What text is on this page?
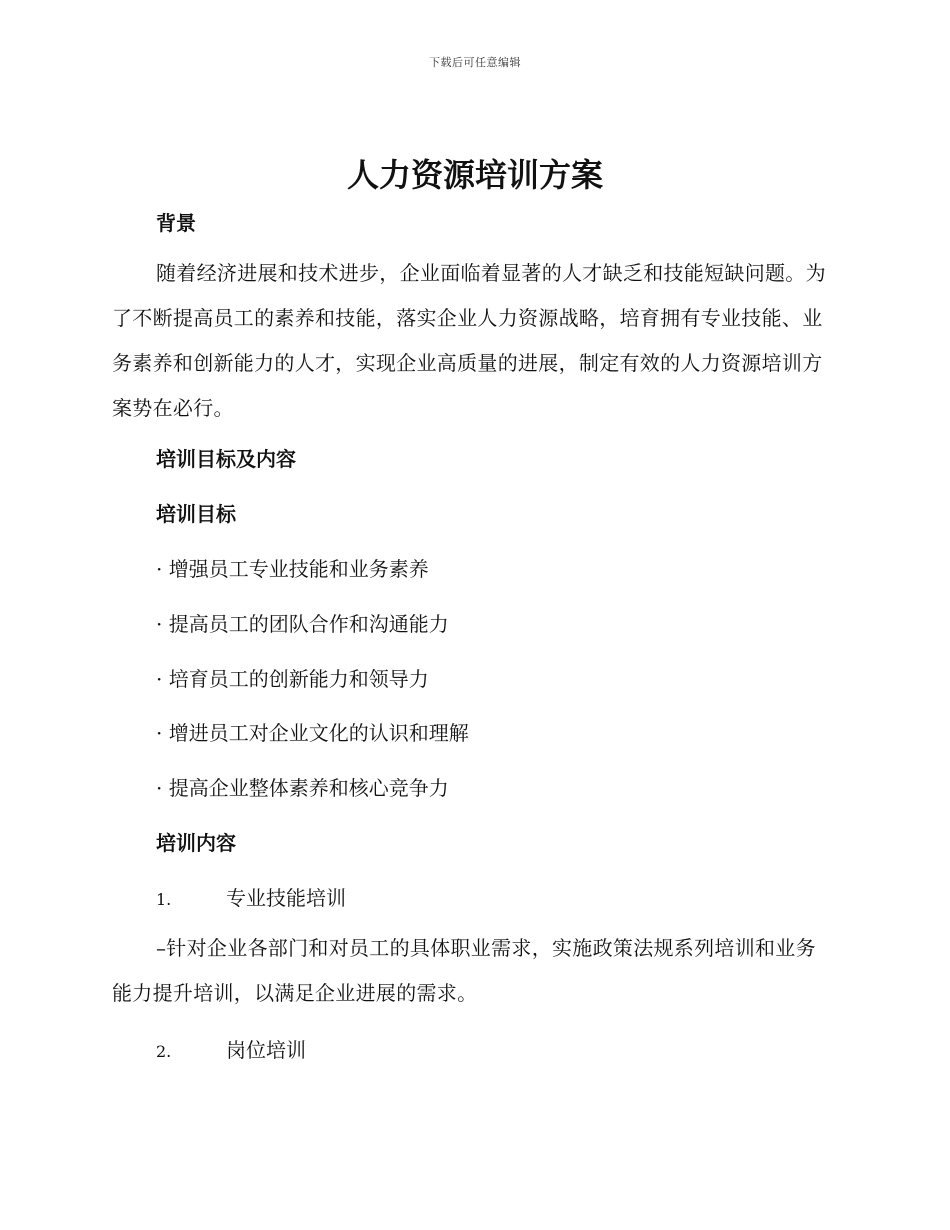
下载后可任意编辑
人力资源培训方案
背景

随着经济进展和技术进步，企业面临着显著的人才缺乏和技能短缺问题。为了不断提高员工的素养和技能，落实企业人力资源战略，培育拥有专业技能、业务素养和创新能力的人才，实现企业高质量的进展，制定有效的人力资源培训方案势在必行。

培训目标及内容
培训目标

· 增强员工专业技能和业务素养

· 提高员工的团队合作和沟通能力

· 培育员工的创新能力和领导力

· 增进员工对企业文化的认识和理解

· 提高企业整体素养和核心竞争力

培训内容
1.	专业技能培训

–针对企业各部门和对员工的具体职业需求，实施政策法规系列培训和业务能力提升培训，以满足企业进展的需求。

2.	岗位培训
